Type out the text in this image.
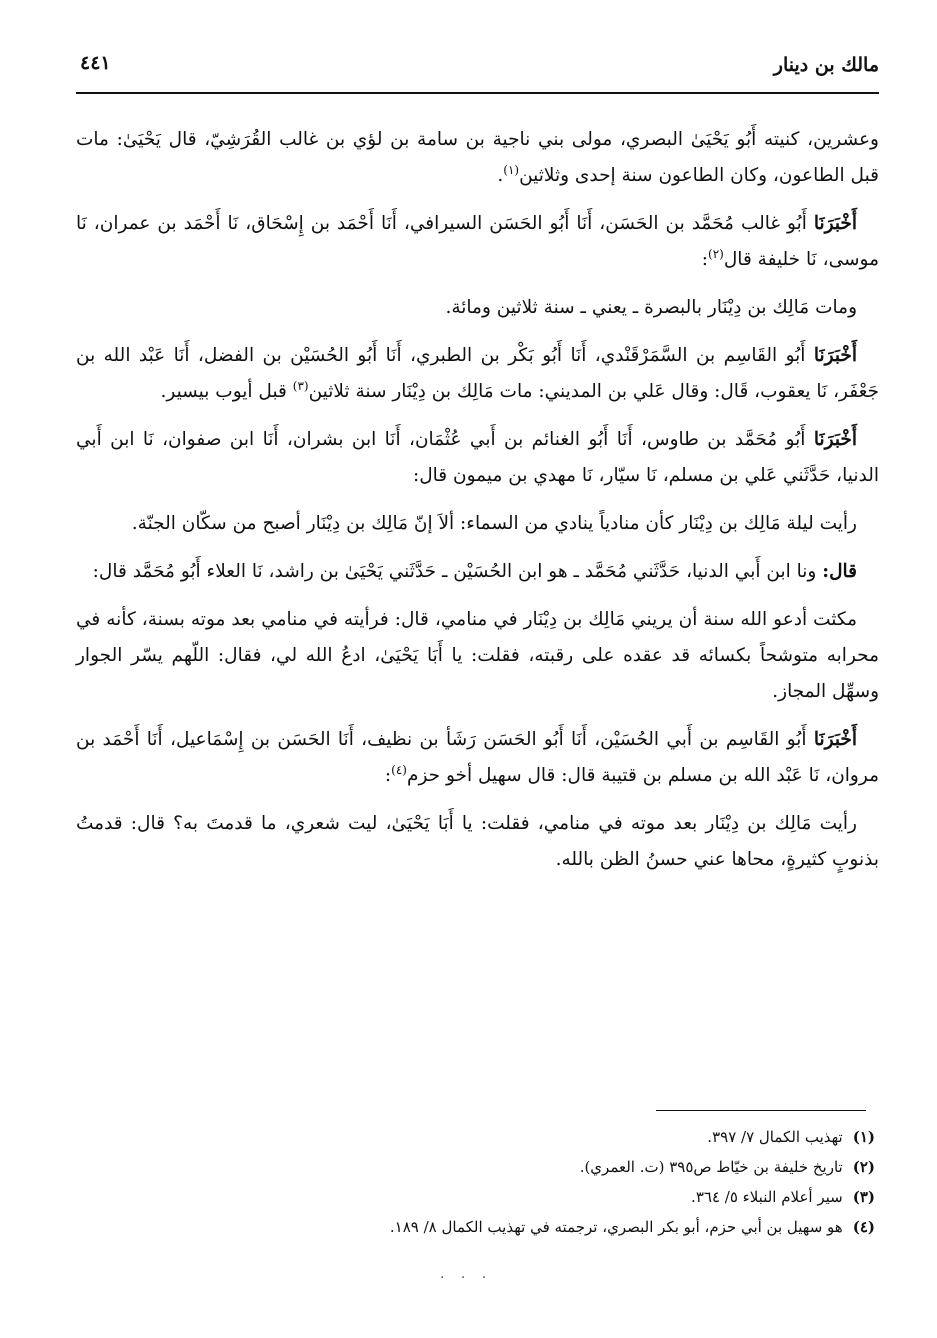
مالك بن دينار
٤٤١

وعشرين، كنيته أَبُو يَحْيَىٰ البصري، مولى بني ناجية بن سامة بن لؤي بن غالب القُرَشِيّ، قال يَحْيَىٰ: مات قبل الطاعون، وكان الطاعون سنة إحدى وثلاثين$^{(١)}$.

أَخْبَرَنَا أَبُو غالب مُحَمَّد بن الحَسَن، أَنَا أَبُو الحَسَن السيرافي، أَنَا أَحْمَد بن إِسْحَاق، نَا أَحْمَد بن عمران، نَا موسى، نَا خليفة قال$^{(٢)}$:

ومات مَالِك بن دِيْنَار بالبصرة ـ يعني ـ سنة ثلاثين ومائة.

أَخْبَرَنَا أَبُو القَاسِم بن السَّمَرْقَنْدي، أَنَا أَبُو بَكْر بن الطبري، أَنَا أَبُو الحُسَيْن بن الفضل، أَنَا عَبْد الله بن جَعْفَر، نَا يعقوب، قَال: وقال عَلي بن المديني: مات مَالِك بن دِيْنَار سنة ثلاثين$^{(٣)}$ قبل أيوب بيسير.

أَخْبَرَنَا أَبُو مُحَمَّد بن طاوس، أَنَا أَبُو الغنائم بن أَبي عُثْمَان، أَنَا ابن بشران، أَنَا ابن صفوان، نَا ابن أَبي الدنيا، حَدَّثَني عَلي بن مسلم، نَا سيّار، نَا مهدي بن ميمون قال:

رأيت ليلة مَالِك بن دِيْنَار كأن منادياً ينادي من السماء: ألاَ إنّ مَالِك بن دِيْنَار أصبح من سكّان الجنّة.

قال: ونا ابن أَبي الدنيا، حَدَّثَني مُحَمَّد ـ هو ابن الحُسَيْن ـ حَدَّثَني يَحْيَىٰ بن راشد، نَا العلاء أَبُو مُحَمَّد قال:

مكثت أدعو الله سنة أن يريني مَالِك بن دِيْنَار في منامي، قال: فرأيته في منامي بعد موته بسنة، كأنه في محرابه متوشحاً بكسائه قد عقده على رقبته، فقلت: يا أَبَا يَحْيَىٰ، ادعُ الله لي، فقال: اللّهم يسّر الجوار وسهِّل المجاز.

أَخْبَرَنَا أَبُو القَاسِم بن أَبي الحُسَيْن، أَنَا أَبُو الحَسَن رَشَأ بن نظيف، أَنَا الحَسَن بن إِسْمَاعيل، أَنَا أَحْمَد بن مروان، نَا عَبْد الله بن مسلم بن قتيبة قال: قال سهيل أخو حزم$^{(٤)}$:

رأيت مَالِك بن دِيْنَار بعد موته في منامي، فقلت: يا أَبَا يَحْيَىٰ، ليت شعري، ما قدمتَ به؟ قال: قدمتُ بذنوبٍ كثيرةٍ، محاها عني حسنُ الظن بالله.

(١)تهذيب الكمال ٧/ ٣٩٧.

(٢)تاريخ خليفة بن خيّاط ص٣٩٥ (ت. العمري).

(٣)سير أعلام النبلاء ٥/ ٣٦٤.

(٤)هو سهيل بن أبي حزم، أبو بكر البصري، ترجمته في تهذيب الكمال ٨/ ١٨٩.

· · ·
